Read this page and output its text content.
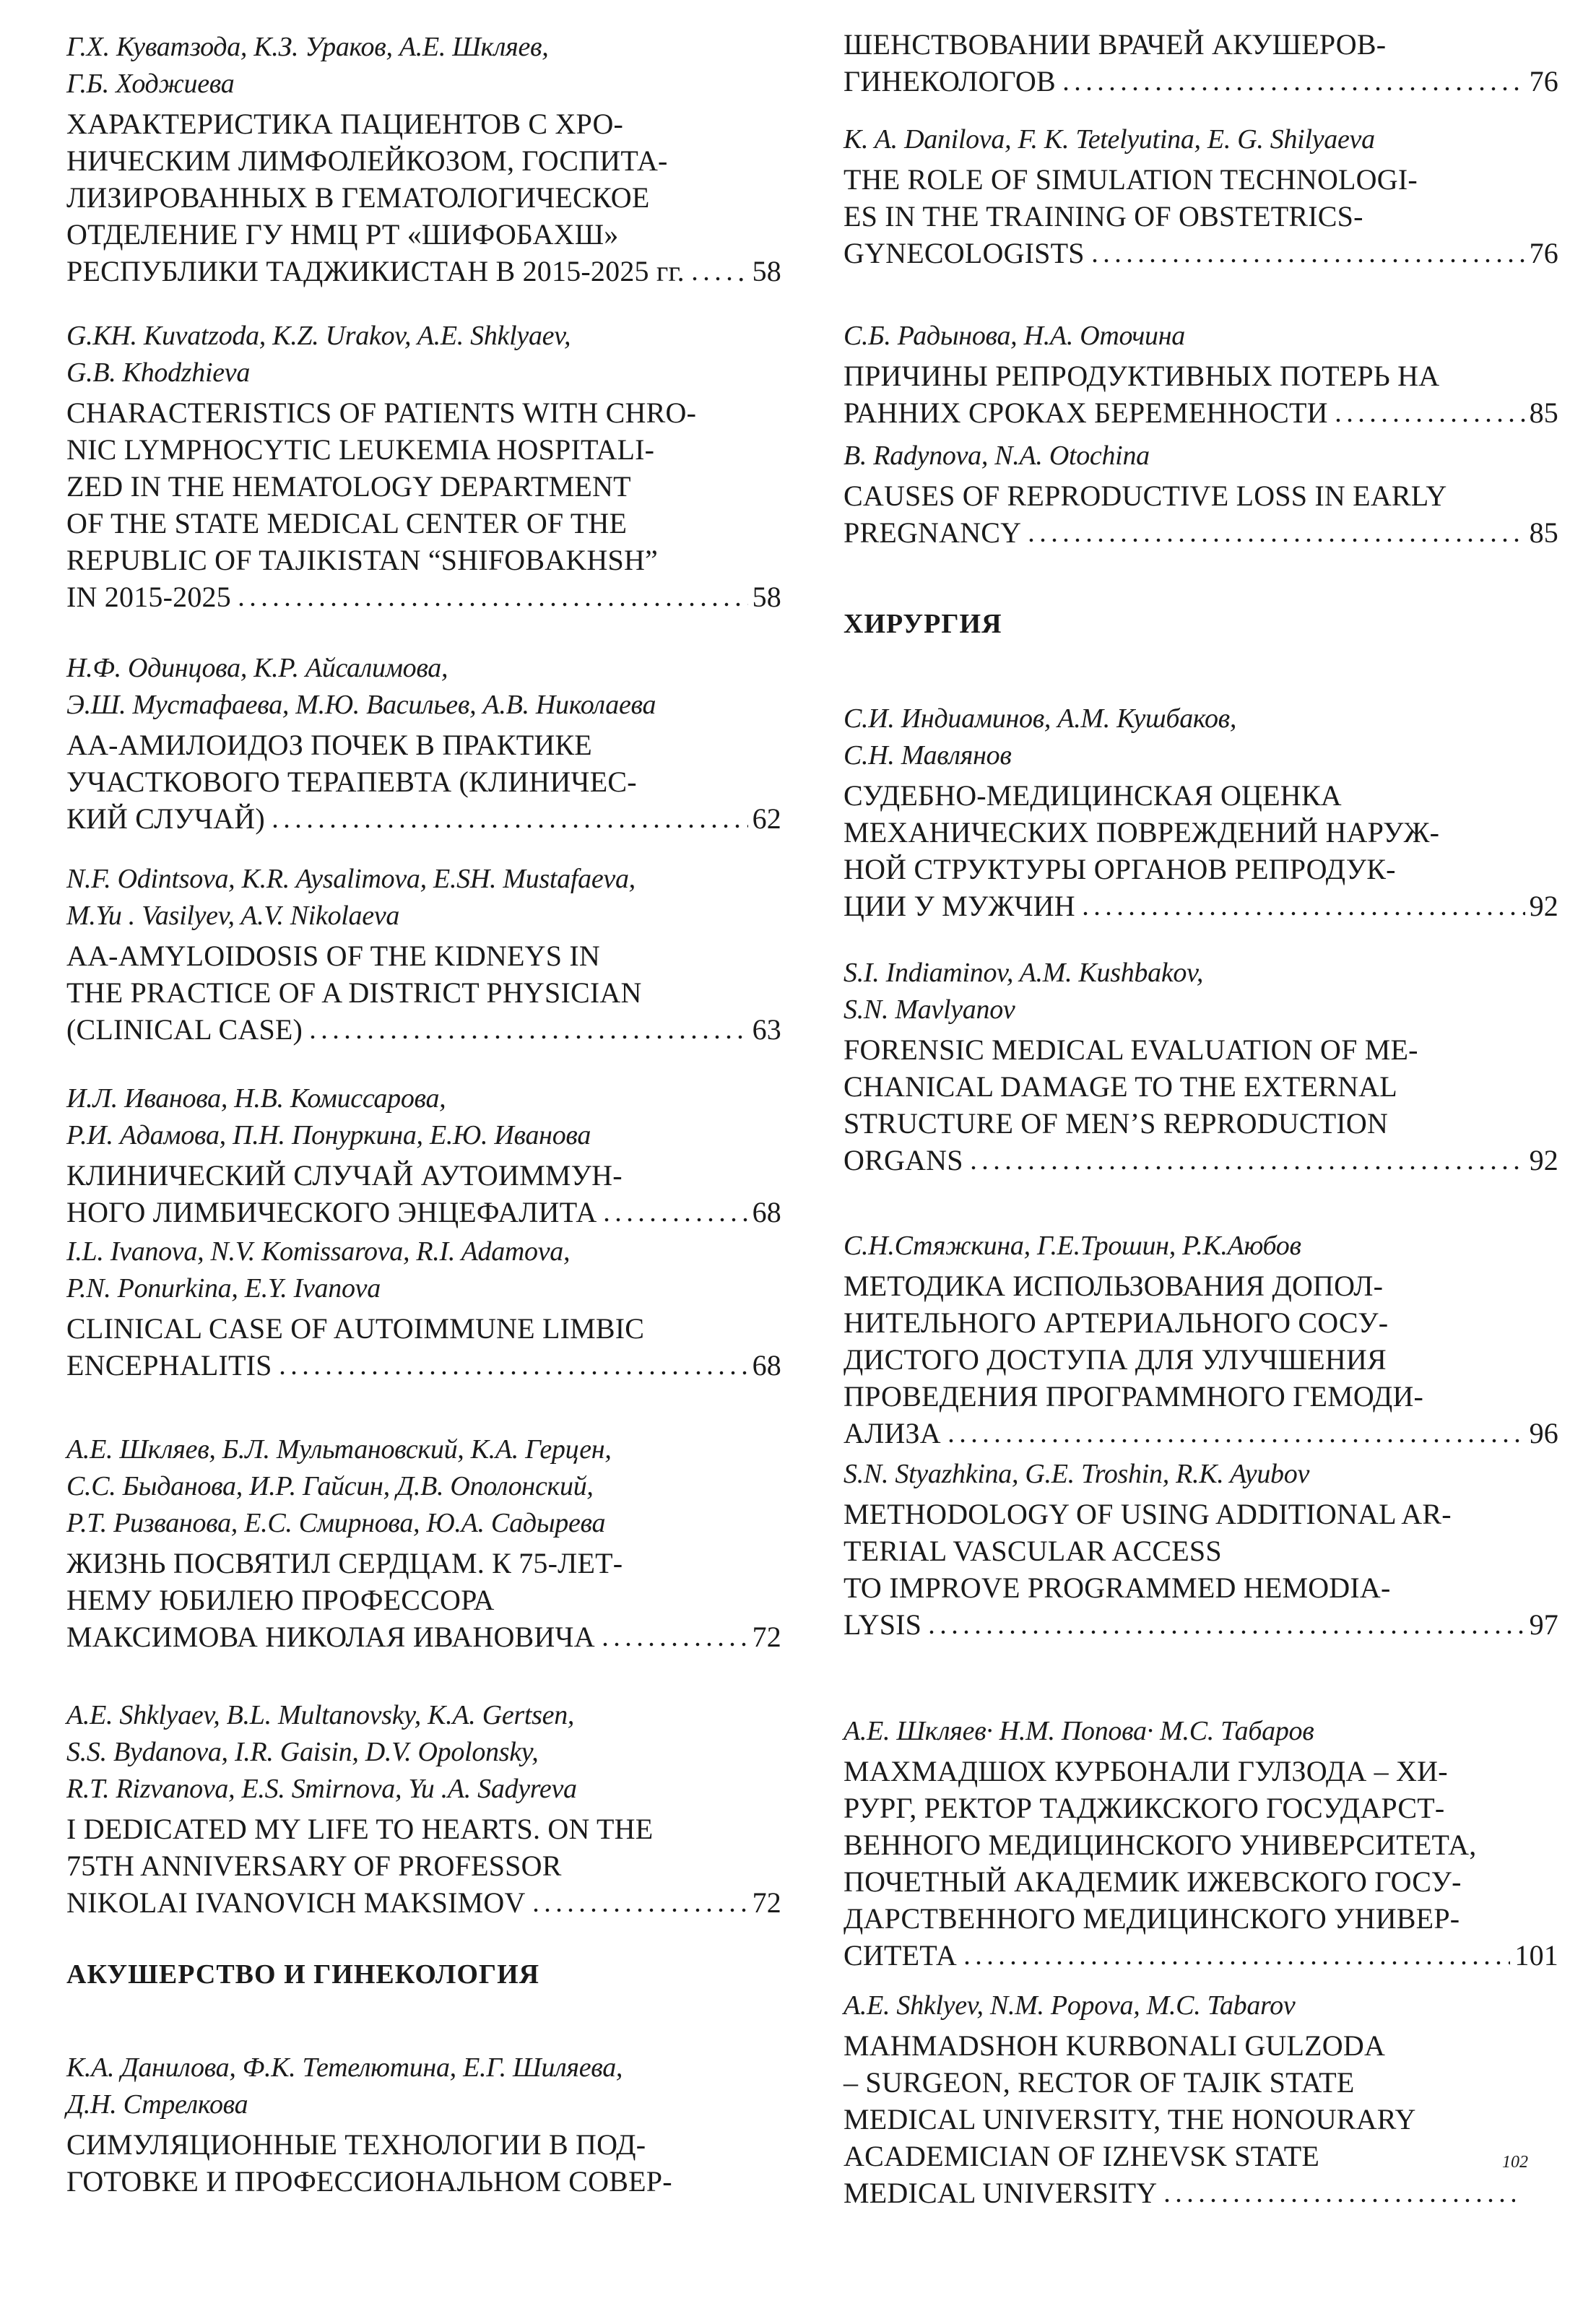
АКУШЕРСТВО И ГИНЕКОЛОГИЯ
Г.Х. Куватзода, К.З. Ураков, А.Е. Шкляев,
Г.Б. Ходжиева
ХАРАКТЕРИСТИКА ПАЦИЕНТОВ С ХРО-
НИЧЕСКИМ ЛИМФОЛЕЙКОЗОМ, ГОСПИТА-
ЛИЗИРОВАННЫХ В ГЕМАТОЛОГИЧЕСКОЕ
ОТДЕЛЕНИЕ ГУ НМЦ РТ «ШИФОБАХШ»
РЕСПУБЛИКИ ТАДЖИКИСТАН В 2015-2025 гг. . 58
G.KH. Kuvatzoda, K.Z. Urakov, A.E. Shklyaev,
G.B. Khodzhieva
CHARACTERISTICS OF PATIENTS WITH CHRO-
NIC LYMPHOCYTIC LEUKEMIA HOSPITALI-
ZED IN THE HEMATOLOGY DEPARTMENT
OF THE STATE MEDICAL CENTER OF THE
REPUBLIC OF TAJIKISTAN “SHIFOBAKHSH”
IN 2015-2025	58
Н.Ф. Одинцова, К.Р. Айсалимова,
Э.Ш. Мустафаева, М.Ю. Васильев, А.В. Николаева
АА-АМИЛОИДОЗ ПОЧЕК В ПРАКТИКЕ
УЧАСТКОВОГО ТЕРАПЕВТА (КЛИНИЧЕС-
КИЙ СЛУЧАЙ)	62
N.F. Odintsova, K.R. Aysalimova, E.SH. Mustafaeva,
M.Yu . Vasilyev, A.V. Nikolaeva
AA-AMYLOIDOSIS OF THE KIDNEYS IN
THE PRACTICE OF A DISTRICT PHYSICIAN
(CLINICAL CASE)	63
И.Л. Иванова, Н.В. Комиссарова,
Р.И. Адамова, П.Н. Понуркина, Е.Ю. Иванова
КЛИНИЧЕСКИЙ СЛУЧАЙ АУТОИММУН-
НОГО ЛИМБИЧЕСКОГО ЭНЦЕФАЛИТА	68
I.L. Ivanova, N.V. Komissarova, R.I. Adamova,
P.N. Ponurkina, E.Y. Ivanova
CLINICAL CASE OF AUTOIMMUNE LIMBIC
ENCEPHALITIS	68
А.Е. Шкляев, Б.Л. Мультановский, К.А. Герцен,
С.С. Быданова, И.Р. Гайсин, Д.В. Ополонский,
Р.Т. Ризванова, Е.С. Смирнова, Ю.А. Садырева
ЖИЗНЬ ПОСВЯТИЛ СЕРДЦАМ. К 75-ЛЕТ-
НЕМУ ЮБИЛЕЮ ПРОФЕССОРА
МАКСИМОВА НИКОЛАЯ ИВАНОВИЧА	72
A.E. Shklyaev, B.L. Multanovsky, K.A. Gertsen,
S.S. Bydanova, I.R. Gaisin, D.V. Opolonsky,
R.T. Rizvanova, E.S. Smirnova, Yu .A. Sadyreva
I DEDICATED MY LIFE TO HEARTS. ON THE
75TH ANNIVERSARY OF PROFESSOR
NIKOLAI IVANOVICH MAKSIMOV	72
К.А. Данилова, Ф.К. Тетелютина, Е.Г. Шиляева,
Д.Н. Стрелкова
СИМУЛЯЦИОННЫЕ ТЕХНОЛОГИИ В ПОД-
ГОТОВКЕ И ПРОФЕССИОНАЛЬНОМ СОВЕР-
ХИРУРГИЯ
ШЕНСТВОВАНИИ ВРАЧЕЙ АКУШЕРОВ-
ГИНЕКОЛОГОВ	76
K. A. Danilova, F. K. Tetelyutina, E. G. Shilyaeva
THE ROLE OF SIMULATION TECHNOLOGI-
ES IN THE TRAINING OF OBSTETRICS-
GYNECOLOGISTS	76
С.Б. Радынова, Н.А. Оточина
ПРИЧИНЫ РЕПРОДУКТИВНЫХ ПОТЕРЬ НА
РАННИХ СРОКАХ БЕРЕМЕННОСТИ	85
B. Radynova, N.A. Otochina
CAUSES OF REPRODUCTIVE LOSS IN EARLY
PREGNANCY	85
С.И. Индиаминов, А.М. Кушбаков,
С.Н. Мавлянов
СУДЕБНО-МЕДИЦИНСКАЯ ОЦЕНКА
МЕХАНИЧЕСКИХ ПОВРЕЖДЕНИЙ НАРУЖ-
НОЙ СТРУКТУРЫ ОРГАНОВ РЕПРОДУК-
ЦИИ У МУЖЧИН	92
S.I. Indiaminov, A.M. Kushbakov,
S.N. Mavlyanov
FORENSIC MEDICAL EVALUATION OF ME-
CHANICAL DAMAGE TO THE EXTERNAL
STRUCTURE OF MEN’S REPRODUCTION
ORGANS	92
С.Н.Стяжкина, Г.Е.Трошин, Р.К.Аюбов
МЕТОДИКА ИСПОЛЬЗОВАНИЯ ДОПОЛ-
НИТЕЛЬНОГО АРТЕРИАЛЬНОГО СОСУ-
ДИСТОГО ДОСТУПА ДЛЯ УЛУЧШЕНИЯ
ПРОВЕДЕНИЯ ПРОГРАММНОГО ГЕМОДИ-
АЛИЗА	96
S.N. Styazhkina, G.E. Troshin, R.K. Ayubov
METHODOLOGY OF USING ADDITIONAL AR-
TERIAL VASCULAR ACCESS
TO IMPROVE PROGRAMMED HEMODIA-
LYSIS	97
А.Е. Шкляев· Н.М. Попова· М.С. Табаров
МАХМАДШОХ КУРБОНАЛИ ГУЛЗОДА – ХИ-
РУРГ, РЕКТОР ТАДЖИКСКОГО ГОСУДАРСТ-
ВЕННОГО МЕДИЦИНСКОГО УНИВЕРСИТЕТА,
ПОЧЕТНЫЙ АКАДЕМИК ИЖЕВСКОГО ГОСУ-
ДАРСТВЕННОГО МЕДИЦИНСКОГО УНИВЕР-
СИТЕТА	101
A.E. Shklyev, N.M. Popova, M.C. Tabarov
MAHMADSHOH KURBONALI GULZODA
– SURGEON, RECTOR OF TAJIK STATE
MEDICAL UNIVERSITY, THE HONOURARY
ACADEMICIAN OF IZHEVSK STATE
MEDICAL UNIVERSITY
102
